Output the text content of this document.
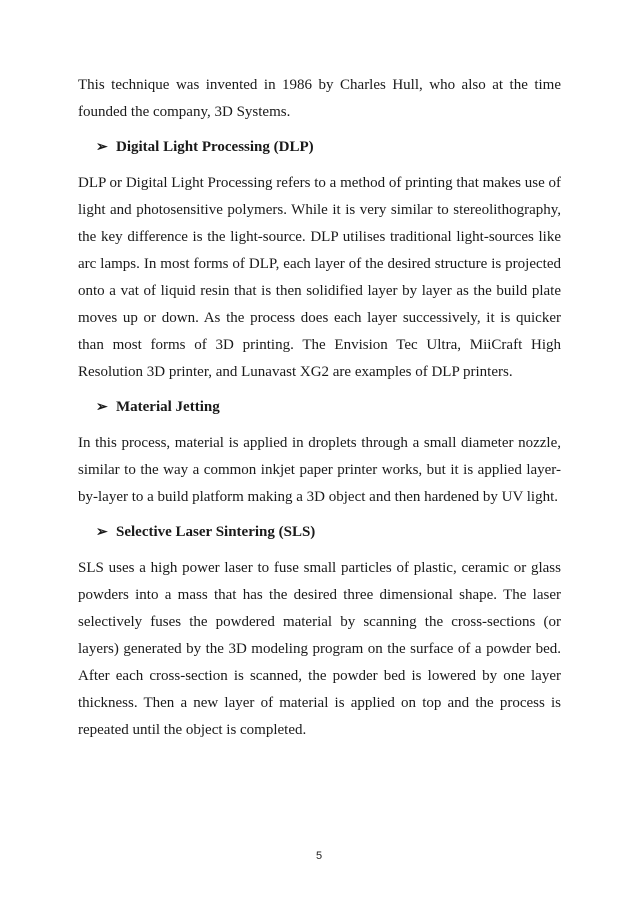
This technique was invented in 1986 by Charles Hull, who also at the time founded the company, 3D Systems.

➢ Digital Light Processing (DLP)

DLP or Digital Light Processing refers to a method of printing that makes use of light and photosensitive polymers. While it is very similar to stereolithography, the key difference is the light-source. DLP utilises traditional light-sources like arc lamps. In most forms of DLP, each layer of the desired structure is projected onto a vat of liquid resin that is then solidified layer by layer as the build plate moves up or down. As the process does each layer successively, it is quicker than most forms of 3D printing. The Envision Tec Ultra, MiiCraft High Resolution 3D printer, and Lunavast XG2 are examples of DLP printers.

➢ Material Jetting

In this process, material is applied in droplets through a small diameter nozzle, similar to the way a common inkjet paper printer works, but it is applied layer-by-layer to a build platform making a 3D object and then hardened by UV light.

➢ Selective Laser Sintering (SLS)

SLS uses a high power laser to fuse small particles of plastic, ceramic or glass powders into a mass that has the desired three dimensional shape. The laser selectively fuses the powdered material by scanning the cross-sections (or layers) generated by the 3D modeling program on the surface of a powder bed. After each cross-section is scanned, the powder bed is lowered by one layer thickness. Then a new layer of material is applied on top and the process is repeated until the object is completed.

5
